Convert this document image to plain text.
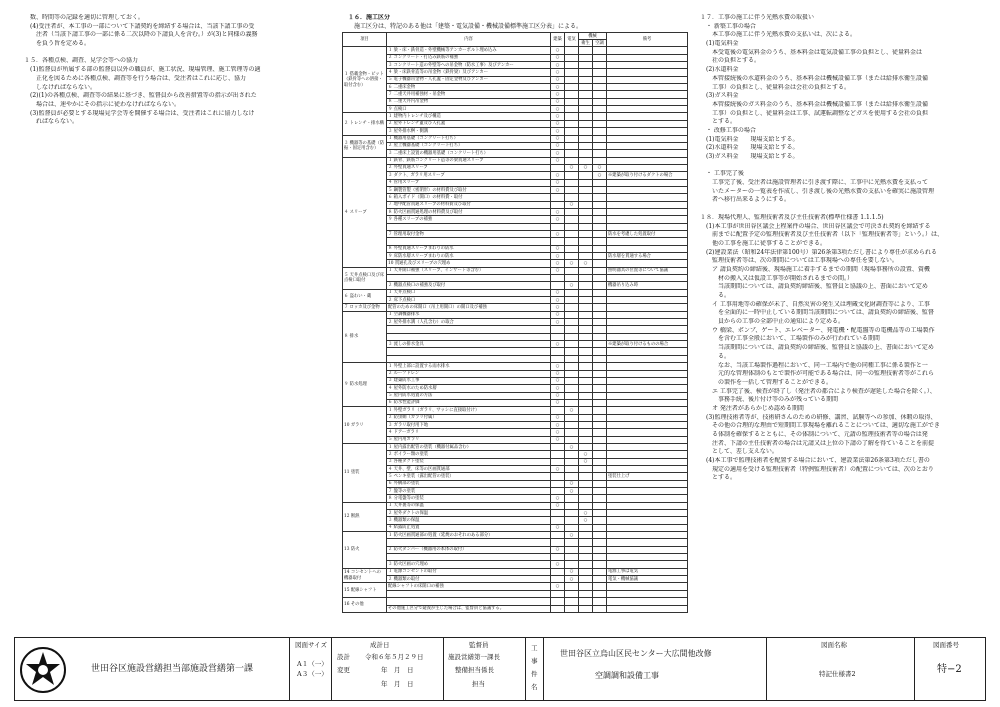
数、時間等の記録を適切に管理しておく。
(4)受注者が、本工事の一部について下請契約を締結する場合は、当該下請工事の受
注者（当該下請工事の一部に係る二次以降の下請負人を含む。）が(3)と同様の義務
を負う旨を定める。

１５．各種点検、調査、見学会等への協力
(1)監督員が所属する部の監督員以外の職員が、施工状況、現場管理、施工管理等の適
正化を図るために各種点検、調査等を行う場合は、受注者はこれに応じ、協力
しなければならない。
(2)(1)の各種点検、調査等の結果に基づき、監督員から改善措置等の指示が出された
場合は、速やかにその指示に従わなければならない。
(3)監督員が必要とする現場見学会等を開催する場合は、受注者はこれに協力しなけ
ればならない。
１６．施工区分
施工区分は、特記のある他は「建築・電気設備・機械設備標準施工区分表」による。
項目	内容	建築	電気	機械		備考
				衛生	空調	
１ 搭載金物・ピット（鉄骨等への溶接・取付含む）	１ 梁・床・鉄骨造・外壁機械等アンカーボルト埋め込み	○				
	２ コンクリート・打込み鉄筋の補強	○				
	３ コンクリート造の外壁等への吊金物（防水工事）及びアンカー	○				
	４ 梁・床鉄骨造等の吊金物（鉄骨梁）及びアンカー	○				
	５ 電子機器吊金物・人孔蓋・固定金物及びアンカー	○				
	６ 二重床金物	○				
	７ 二重天井用補強材・吊金物	○				
	８ 二重天井内吊金物	○				
	９ 点検口	○				
２ トレンチ・排水構	１ 建物内トレンチ及び構造	○				
	２ 屋外トレンチ蓋及び人孔蓋	○				
	３ 屋外排水桝・側溝	○				
３ 機器等の基礎（防振・固定用含む）	１ 機器用基礎（コンクリート打ち）	○				
	２ 屋上機器基礎（コンクリート打ち）	○				
	３ 二重床上設置の機器用基礎（コンクリート打ち）	○				
４ スリーブ	１ 鉄骨、鉄筋コンクリート造等の梁貫通スリーブ	○				
	２ 外壁貫通スリーブ		○	○	○	
	３ ダクト、ガラリ用スリーブ	○			○	※建築が取り付けるダクトの場合
	４ 管用スリーブ	○				
	５ 鋼製管製（密閉形）の材料費及び取付	○				
	６ 箱入ボイド（開口）の材料費・取付					
	７ 地中配管貫通スリーブの材料費及び取付		○			
	８ 防火区画貫通処理の材料費及び取付	○				
	９ 各種スリーブの補強	○				

	７ 管理用取付金物	○				防水を考慮した処置取付

	８ 外壁貫通スリーブまわりの防水	○				
	９ 床防水層スリーブまわりの防水	○				防水層を貫通する場合
	10 貫通孔及びスリーブの穴埋め	○	○	○		
５ 天井点検口及び床点検口取付	１ 天井開口補強（スリーブ、インサート等含む）	○				照明器具の位置等について協議

	２ 機器点検口の補強及び取付		○			機器吊り込み時
６ 盗わい・蔵	１ 天井点検口	○				
	２ 床下点検口	○				
７ ロッカ及び金物	配管のための床開口（吊上用開口）の開口及び補強	○				
８ 排水	１ 空調機器排水	○				
	２ 屋外排水溝（人孔含む）の取合	○				

	３ 流しの排水金具	○				※建築が取り付けるものの場合

９ 防水処理	１ 外壁上部に設置する雨水排水	○				
	２ ルーフドレン	○				
	３ 建築防水工事	○				
	４ 屋外防水のため防水層	○				
	５ 屋内防水処置の方法	○				
	６ 防水性能評価	○				
10 ガラリ	１ 外壁ガラリ（ガラリ、サッシに直接取付け）		○			
	２ 防虫網（ガラリ付属）	○				
	３ ガラリ取付用下地	○				
	４ ドアーガラリ	○				
	５ 屋内用ガラリ	○				
11 塗装	１ 屋内露出配管の塗装（機器付属品含む）		○			
	２ ボイラー類の塗装			○		
	３ 各種ダクト塗装			○		
	４ 天井、壁、床等の区画貫通部	○				
	５ ペンキ塗装（露出配管の塗装）					塗装仕上げ
	６ 外構部の塗装		○			
	７ 盤等の塗装		○			
	８ 分電盤等の塗装	○				
12 断熱	１ 天井裏等の保温	○				
	２ 屋外ダクトの保温			○		
	３ 機器類の保温			○		
	４ 結露防止処置	○				
13 防火	１ 防火区画貫通部の処置（延焼のおそれのある部分）		○			

	２ 防火ダンパー（機器用の本体の取付）	○				

	３ 防火区画の穴埋め	○				
14 コンセントへの機器取付	１ 電源コンセントの取付		○			電源工事は電気
	２ 機器類の取付		○			電気・機械協議
15 配線シャフト	配線シャフトの床開口の補強	○				

16 その他						
	その他施工区分で疑義が生じた場合は、監督員と協議する。					
１７．工事の施工に伴う光熱水費の取扱い
・ 新築工事の場合
本工事の施工に伴う光熱水費の支払いは、次による。
(1)電気料金
本受電後の電気料金のうち、基本料金は電気設備工事の負担とし、従量料金は
社の負担とする。
(2)水道料金
本管接続後の水道料金のうち、基本料金は機械設備工事（または給排水衛生設備
工事）の負担とし、従量料金は会社の負担とする。
(3)ガス料金
本管接続後のガス料金のうち、基本料金は機械設備工事（または給排水衛生設備
工事）の負担とし、従量料金は工事、試運転調整などガスを使用する会社の負担
とする。
・ 改修工事の場合
(1)電気料金　　現場支給とする。
(2)水道料金　　現場支給とする。
(3)ガス料金　　現場支給とする。

・ 工事完了後
工事完了後、受注者は施設管理者に引き渡す際に、工事中に光熱水費を支払って
いたメーターの一覧表を作成し、引き渡し後の光熱水費の支払いを確実に施設管理
者へ移行出来るようにする。

１８．現場代理人、監理技術者及び主任技術者(標準仕様書 1.1.1.5)
(1)本工事が世田谷区議会上程案件の場合、世田谷区議会で可決され契約を締結する
前までに配置予定の監理技術者及び主任技術者（以下「監理技術者等」という。）は、
他の工事を施工に従事することができる。
(2)建設業法（昭和24年法律第100号）第26条第3項ただし書により専任が求められる
監理技術者等は、次の期間については工事現場への専任を要しない。
ア 請負契約の締結後、現場施工に着手するまでの期間（現場事務所の設置、資機
材の搬入又は仮設工事等が開始されるまでの間。）
当該期間については、請負契約締結後、監督員と協議の上、書面において定め
る。
イ 工事用地等の確保が未了、自然災害の発生又は埋蔵文化財調査等により、工事
を全面的に一時中止している期間当該期間については、請負契約の締結後、監督
員からの工事の全部中止の通知により定める。
ウ 橋梁、ポンプ、ゲート、エレベーター、発電機・配電盤等の電機品等の工場製作
を含む工事全般において、工場製作のみが行われている期間
当該期間については、請負契約の締結後、監督員と協議の上、書面において定め
る。
なお、当該工場製作過程において、同一工場内で他の同種工事に係る製作と一
元的な管理体制のもとで製作が可能である場合は、同一の監理技術者等がこれら
の製作を一括して管理することができる。
エ 工事完了後、検査が終了し（発注者の都合により検査が遅延した場合を除く。）、
事務手続、後片付け等のみが残っている期間
オ 発注者があらかじめ認める期間
(3)監理技術者等が、技術研さんのための研修、講習、試験等への参加、休暇の取得、
その他の合理的な理由で短期間工事現場を離れることについては、適切な施工ができ
る体制を確保するとともに、その体制について、元請の監理技術者等の場合は発
注者、下請の主任技術者の場合は元請又は上位の下請の了解を得ていることを前提
として、差し支えない。
(4)本工事で監理技術者を配置する場合において、建設業法第26条第3項ただし書の
規定の適用を受ける監理技術者（特例監理技術者）の配置については、次のとおり
とする。
世田谷区施設営繕担当部施設営繕第一課
図面サイズ
A１（一）
A３（一）
成計日
設計 令和６年５月２９日
変更	年　月　日
年　月　日
監督員
施設営繕第一課長
整備担当係長
担当
工
事
件
名
世田谷区立烏山区民センター大広間他改修
空調調和設備工事
図面名称
特記仕様書2
図面番号
特−2
